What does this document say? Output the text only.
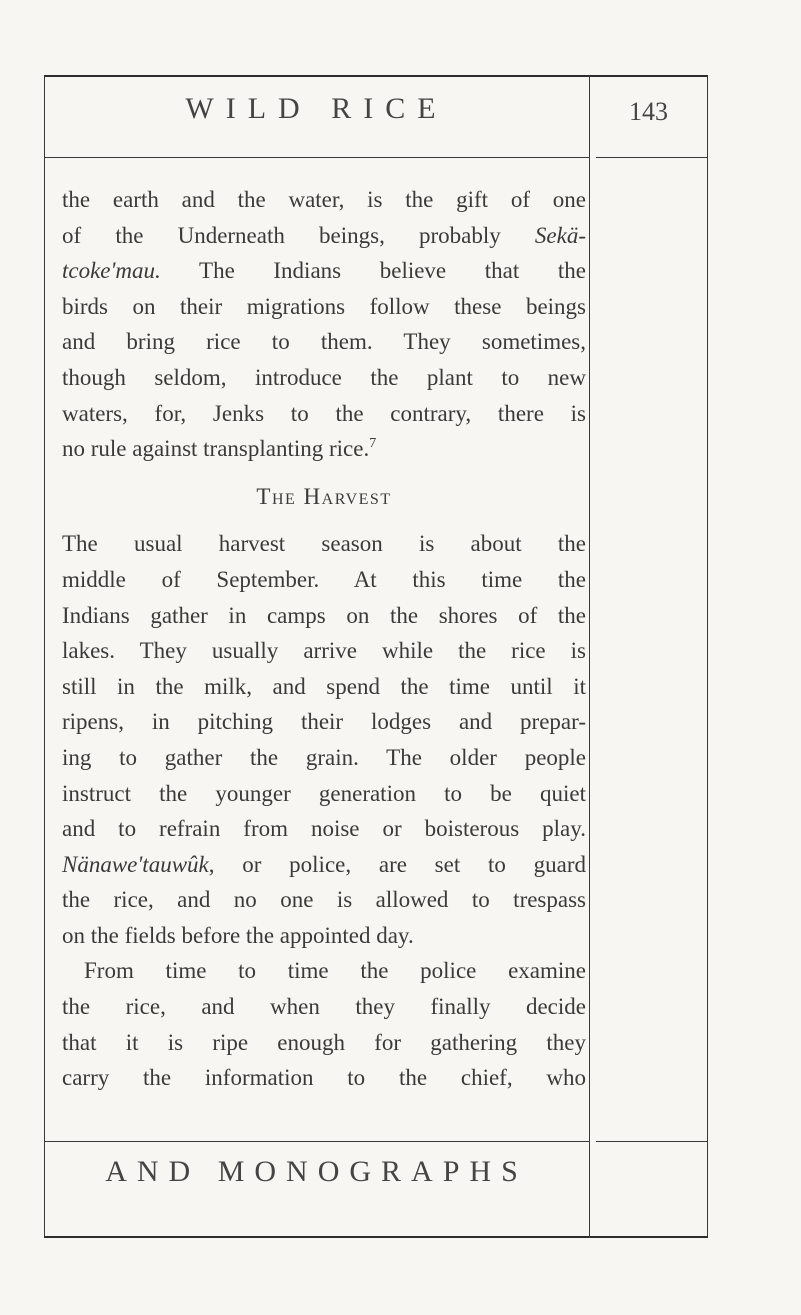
WILD RICE	143
the earth and the water, is the gift of one
of the Underneath beings, probably Sekä-
tcoke'mau. The Indians believe that the
birds on their migrations follow these beings
and bring rice to them. They sometimes,
though seldom, introduce the plant to new
waters, for, Jenks to the contrary, there is
no rule against transplanting rice.$^7$
The Harvest
The usual harvest season is about the
middle of September. At this time the
Indians gather in camps on the shores of the
lakes. They usually arrive while the rice is
still in the milk, and spend the time until it
ripens, in pitching their lodges and prepar-
ing to gather the grain. The older people
instruct the younger generation to be quiet
and to refrain from noise or boisterous play.
Nänawe'tauwûk, or police, are set to guard
the rice, and no one is allowed to trespass
on the fields before the appointed day.
From time to time the police examine
the rice, and when they finally decide
that it is ripe enough for gathering they
carry the information to the chief, who
AND MONOGRAPHS
